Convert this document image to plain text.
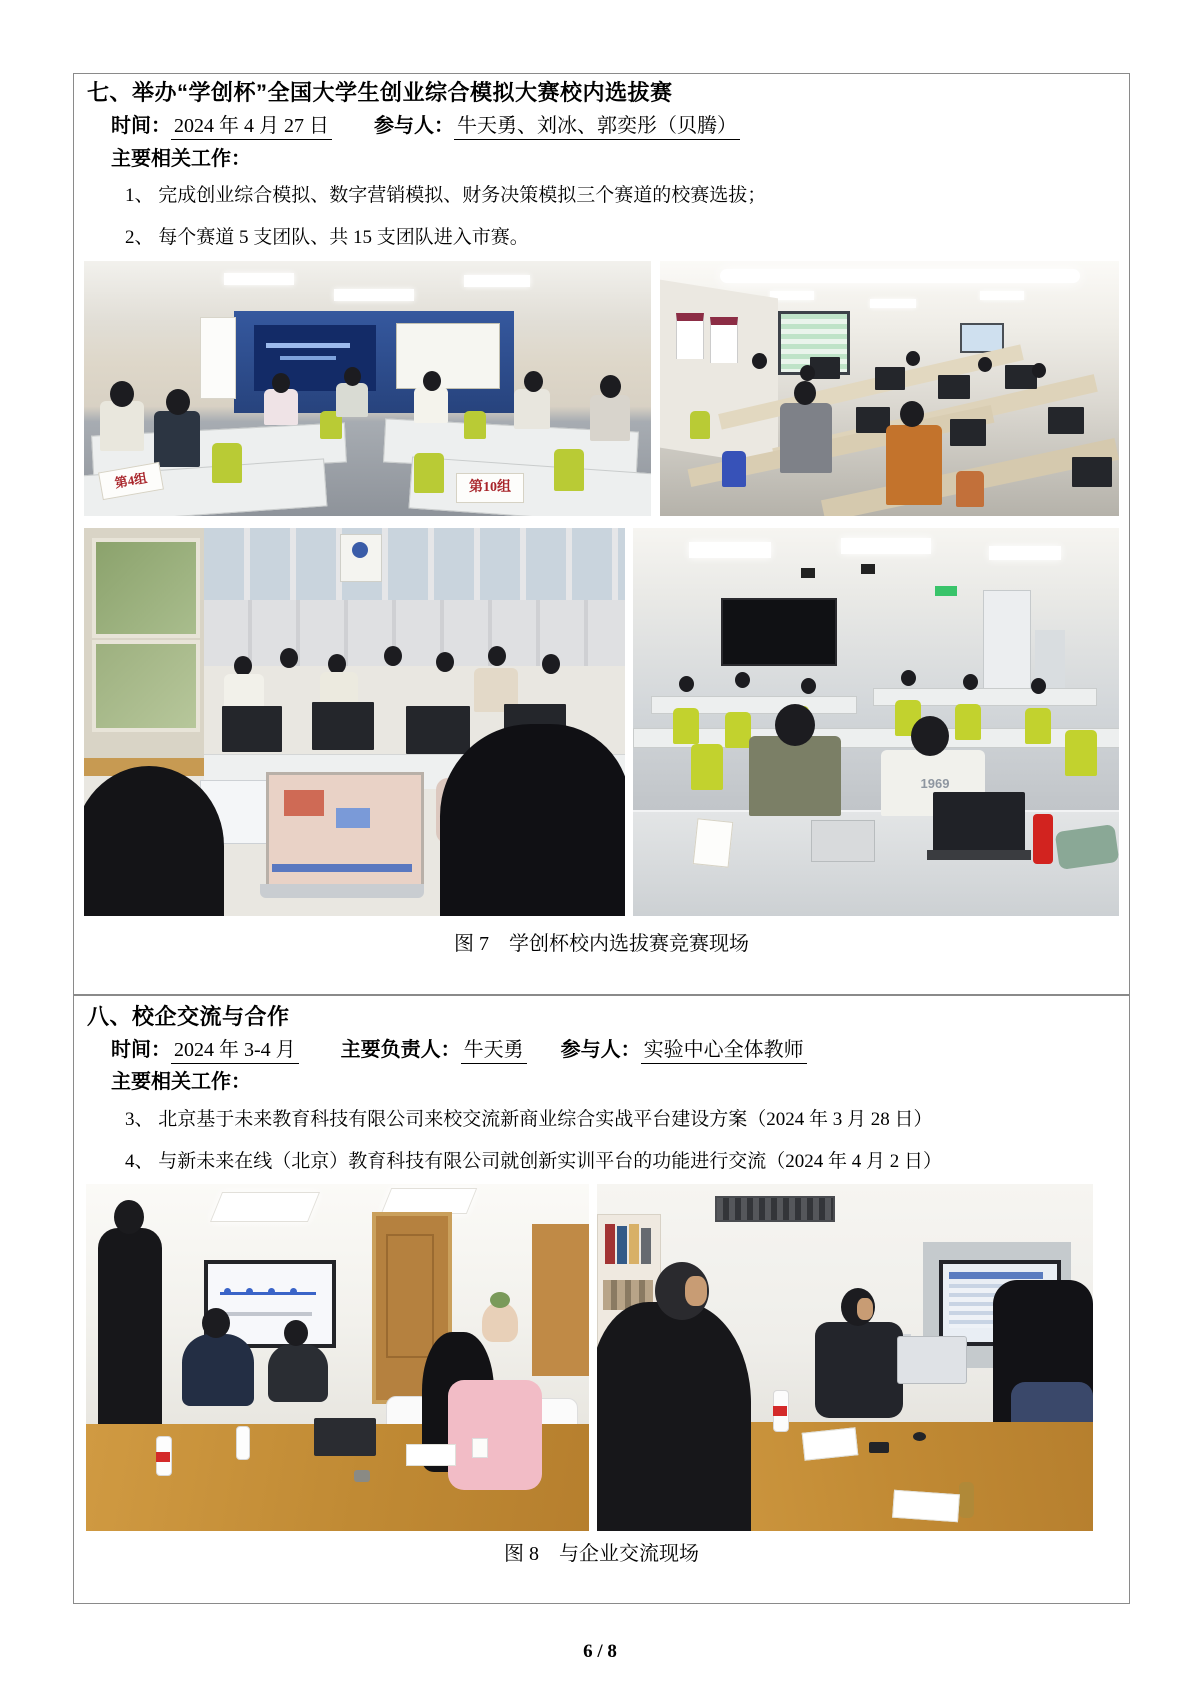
七、举办“学创杯”全国大学生创业综合模拟大赛校内选拔赛
时间： 2024 年 4 月 27 日 参与人： 牛天勇、刘冰、郭奕彤（贝腾）
主要相关工作：
1、 完成创业综合模拟、数字营销模拟、财务决策模拟三个赛道的校赛选拔；
2、 每个赛道 5 支团队、共 15 支团队进入市赛。
第4组	第10组
1969
图 7　学创杯校内选拔赛竞赛现场
八、校企交流与合作
时间： 2024 年 3-4 月 主要负责人： 牛天勇 参与人： 实验中心全体教师
主要相关工作：
3、 北京基于未来教育科技有限公司来校交流新商业综合实战平台建设方案（2024 年 3 月 28 日）
4、 与新未来在线（北京）教育科技有限公司就创新实训平台的功能进行交流（2024 年 4 月 2 日）
图 8　与企业交流现场
6 / 8
